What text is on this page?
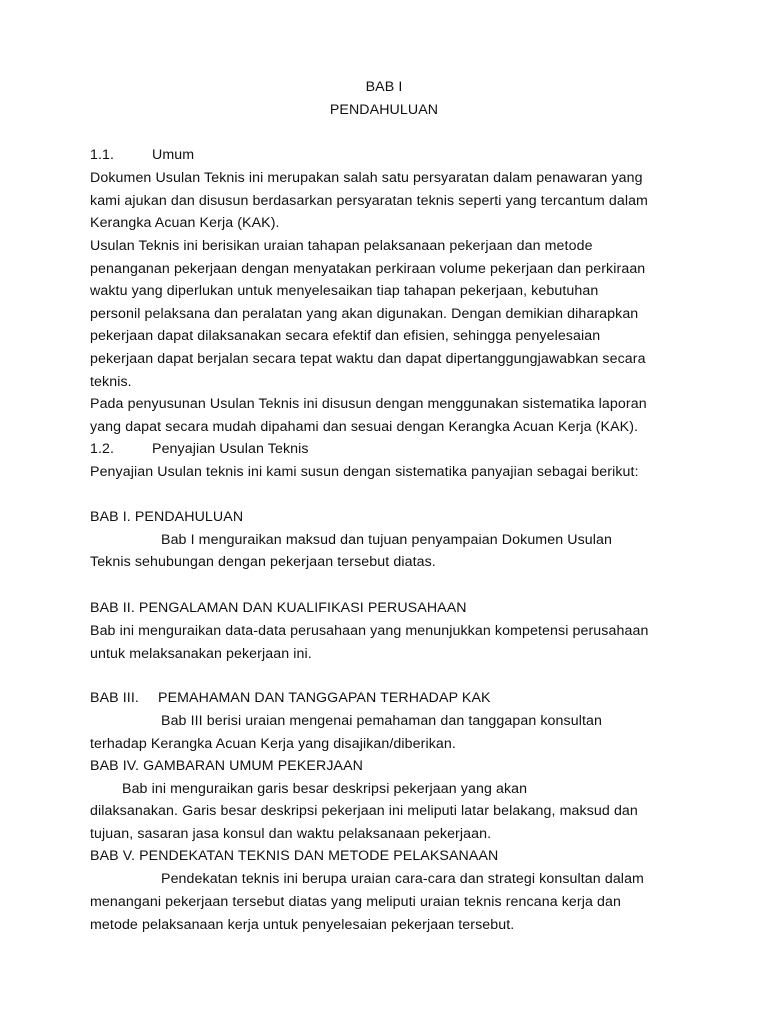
BAB I
PENDAHULUAN
1.1.	Umum
Dokumen Usulan Teknis ini merupakan salah satu persyaratan dalam penawaran yang
kami ajukan dan disusun berdasarkan persyaratan teknis seperti yang tercantum dalam
Kerangka Acuan Kerja (KAK).
Usulan Teknis ini berisikan uraian tahapan pelaksanaan pekerjaan dan metode
penanganan pekerjaan dengan menyatakan perkiraan volume pekerjaan dan perkiraan
waktu yang diperlukan untuk menyelesaikan tiap tahapan pekerjaan, kebutuhan
personil pelaksana dan peralatan yang akan digunakan. Dengan demikian diharapkan
pekerjaan dapat dilaksanakan secara efektif dan efisien, sehingga penyelesaian
pekerjaan dapat berjalan secara tepat waktu dan dapat dipertanggungjawabkan secara
teknis.
Pada penyusunan Usulan Teknis ini disusun dengan menggunakan sistematika laporan
yang dapat secara mudah dipahami dan sesuai dengan Kerangka Acuan Kerja (KAK).
1.2.	Penyajian Usulan Teknis
Penyajian Usulan teknis ini kami susun dengan sistematika panyajian sebagai berikut:
BAB I. PENDAHULUAN
Bab I menguraikan maksud dan tujuan penyampaian Dokumen Usulan
Teknis sehubungan dengan pekerjaan tersebut diatas.
BAB II. PENGALAMAN DAN KUALIFIKASI PERUSAHAAN
Bab ini menguraikan data-data perusahaan yang menunjukkan kompetensi perusahaan
untuk melaksanakan pekerjaan ini.
BAB III. PEMAHAMAN DAN TANGGAPAN TERHADAP KAK
Bab III berisi uraian mengenai pemahaman dan tanggapan konsultan
terhadap Kerangka Acuan Kerja yang disajikan/diberikan.
BAB IV. GAMBARAN UMUM PEKERJAAN
Bab ini menguraikan garis besar deskripsi pekerjaan yang akan
dilaksanakan. Garis besar deskripsi pekerjaan ini meliputi latar belakang, maksud dan
tujuan, sasaran jasa konsul dan waktu pelaksanaan pekerjaan.
BAB V. PENDEKATAN TEKNIS DAN METODE PELAKSANAAN
Pendekatan teknis ini berupa uraian cara-cara dan strategi konsultan dalam
menangani pekerjaan tersebut diatas yang meliputi uraian teknis rencana kerja dan
metode pelaksanaan kerja untuk penyelesaian pekerjaan tersebut.
